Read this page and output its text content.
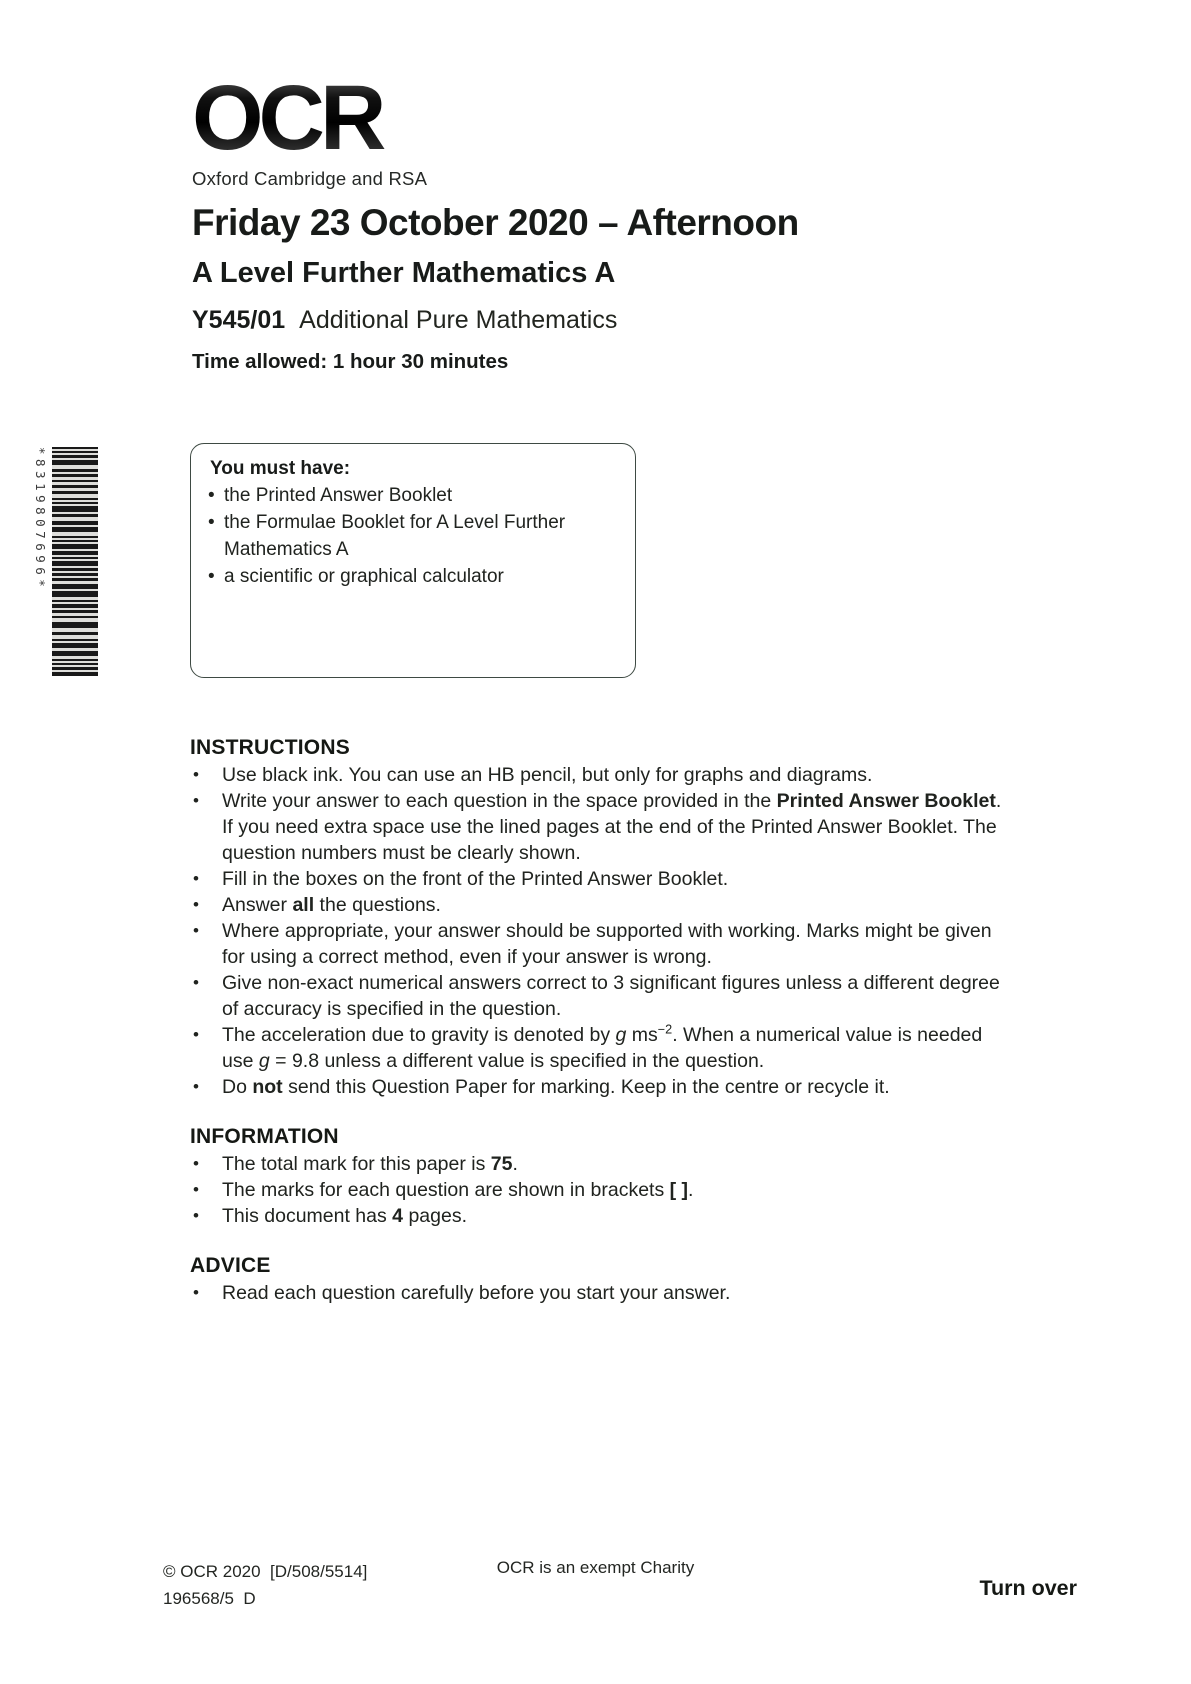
OCR
Oxford Cambridge and RSA
Friday 23 October 2020 – Afternoon
A Level Further Mathematics A
Y545/01 Additional Pure Mathematics
Time allowed: 1 hour 30 minutes
*8319807696*	You must have:
• the Printed Answer Booklet
• the Formulae Booklet for A Level Further Mathematics A
• a scientific or graphical calculator
INSTRUCTIONS
• Use black ink. You can use an HB pencil, but only for graphs and diagrams.
• Write your answer to each question in the space provided in the Printed Answer Booklet. If you need extra space use the lined pages at the end of the Printed Answer Booklet. The question numbers must be clearly shown.
• Fill in the boxes on the front of the Printed Answer Booklet.
• Answer all the questions.
• Where appropriate, your answer should be supported with working. Marks might be given for using a correct method, even if your answer is wrong.
• Give non-exact numerical answers correct to 3 significant figures unless a different degree of accuracy is specified in the question.
• The acceleration due to gravity is denoted by g $ms^{-2}$. When a numerical value is needed use g = 9.8 unless a different value is specified in the question.
• Do not send this Question Paper for marking. Keep in the centre or recycle it.
INFORMATION
• The total mark for this paper is 75.
• The marks for each question are shown in brackets [ ].
• This document has 4 pages.
ADVICE
• Read each question carefully before you start your answer.
© OCR 2020  [D/508/5514]
196568/5  D
OCR is an exempt Charity
Turn over
